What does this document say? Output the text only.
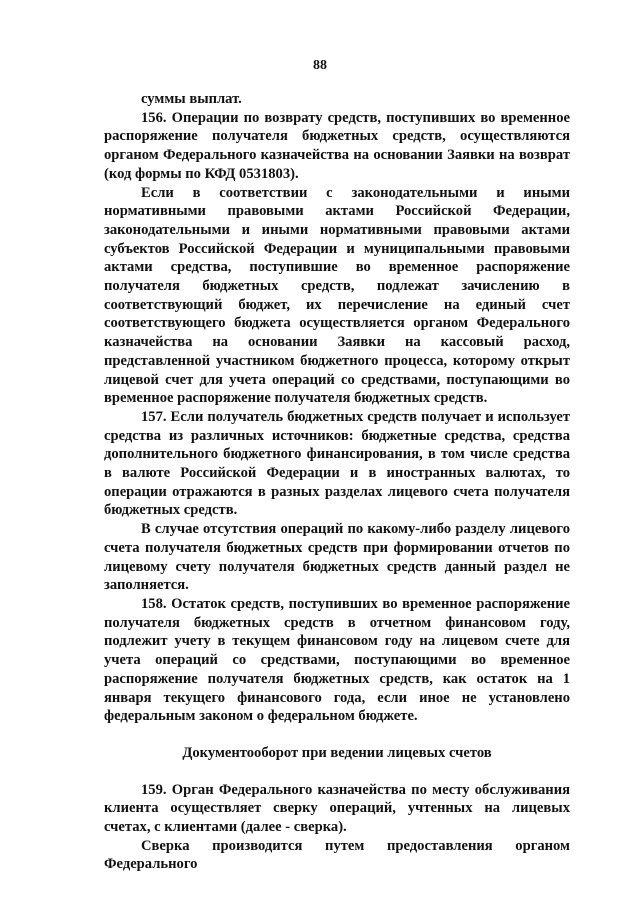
88

суммы выплат.

156. Операции по возврату средств, поступивших во временное распоряжение получателя бюджетных средств, осуществляются органом Федерального казначейства на основании Заявки на возврат (код формы по КФД 0531803).

Если в соответствии с законодательными и иными нормативными правовыми актами Российской Федерации, законодательными и иными нормативными правовыми актами субъектов Российской Федерации и муниципальными правовыми актами средства, поступившие во временное распоряжение получателя бюджетных средств, подлежат зачислению в соответствующий бюджет, их перечисление на единый счет соответствующего бюджета осуществляется органом Федерального казначейства на основании Заявки на кассовый расход, представленной участником бюджетного процесса, которому открыт лицевой счет для учета операций со средствами, поступающими во временное распоряжение получателя бюджетных средств.

157. Если получатель бюджетных средств получает и использует средства из различных источников: бюджетные средства, средства дополнительного бюджетного финансирования, в том числе средства в валюте Российской Федерации и в иностранных валютах, то операции отражаются в разных разделах лицевого счета получателя бюджетных средств.

В случае отсутствия операций по какому-либо разделу лицевого счета получателя бюджетных средств при формировании отчетов по лицевому счету получателя бюджетных средств данный раздел не заполняется.

158. Остаток средств, поступивших во временное распоряжение получателя бюджетных средств в отчетном финансовом году, подлежит учету в текущем финансовом году на лицевом счете для учета операций со средствами, поступающими во временное распоряжение получателя бюджетных средств, как остаток на 1 января текущего финансового года, если иное не установлено федеральным законом о федеральном бюджете.

Документооборот при ведении лицевых счетов

159. Орган Федерального казначейства по месту обслуживания клиента осуществляет сверку операций, учтенных на лицевых счетах, с клиентами (далее - сверка).

Сверка производится путем предоставления органом Федерального
